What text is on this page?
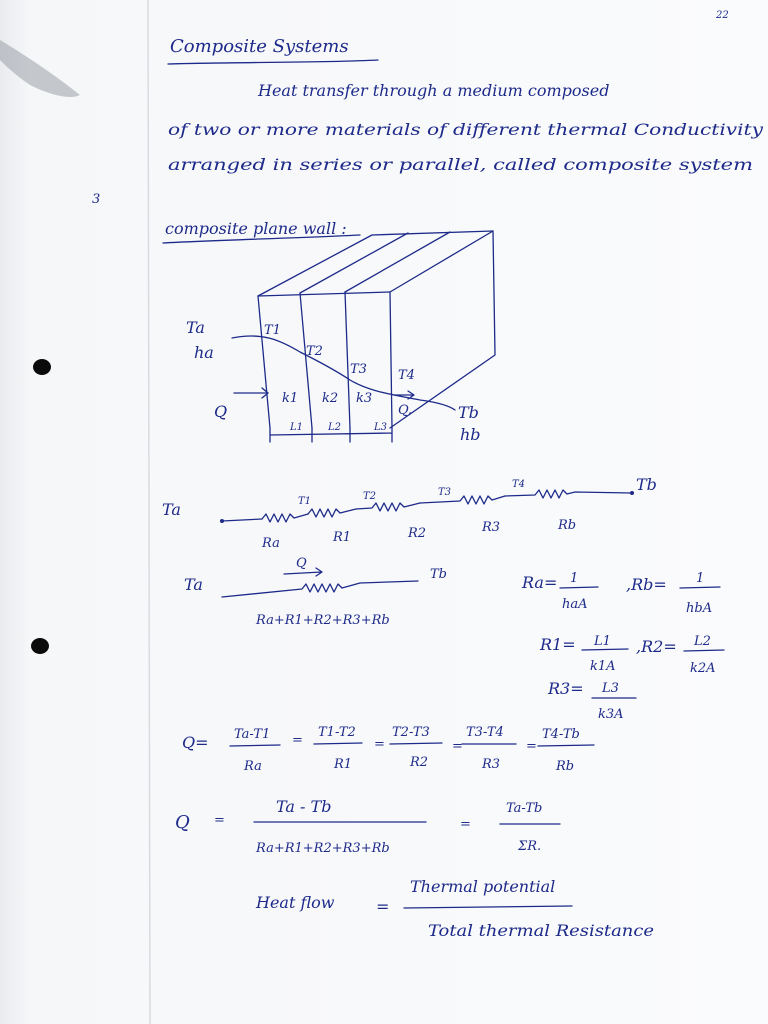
22
3
Composite Systems
Heat transfer through a medium composed
of two or more materials of different thermal Conductivity
arranged in series or parallel, called composite system
composite plane wall :
Ta
ha
Q
T1
T2
T3 T4
k1 k2 k3
Q.	Tb
hb
L1 L2	L3
Ta
Tb
T1	T2	T3
T4
Ra	R1	R2	R3	Rb
Ta
Tb
Q
Ra+R1+R2+R3+Rb
Ra= 1
haA
,Rb= 1
hbA
R1= L1
k1A
,R2= L2
k2A
R3= L3
k3A
Q= Ta-T1
Ra
=
T1-T2
R1
=
T2-T3
R2
=
T3-T4
R3
=
T4-Tb
Rb
Q =
Ta - Tb
Ra+R1+R2+R3+Rb
=
Ta-Tb
ΣR.
Heat flow	=
Thermal potential
Total thermal Resistance
